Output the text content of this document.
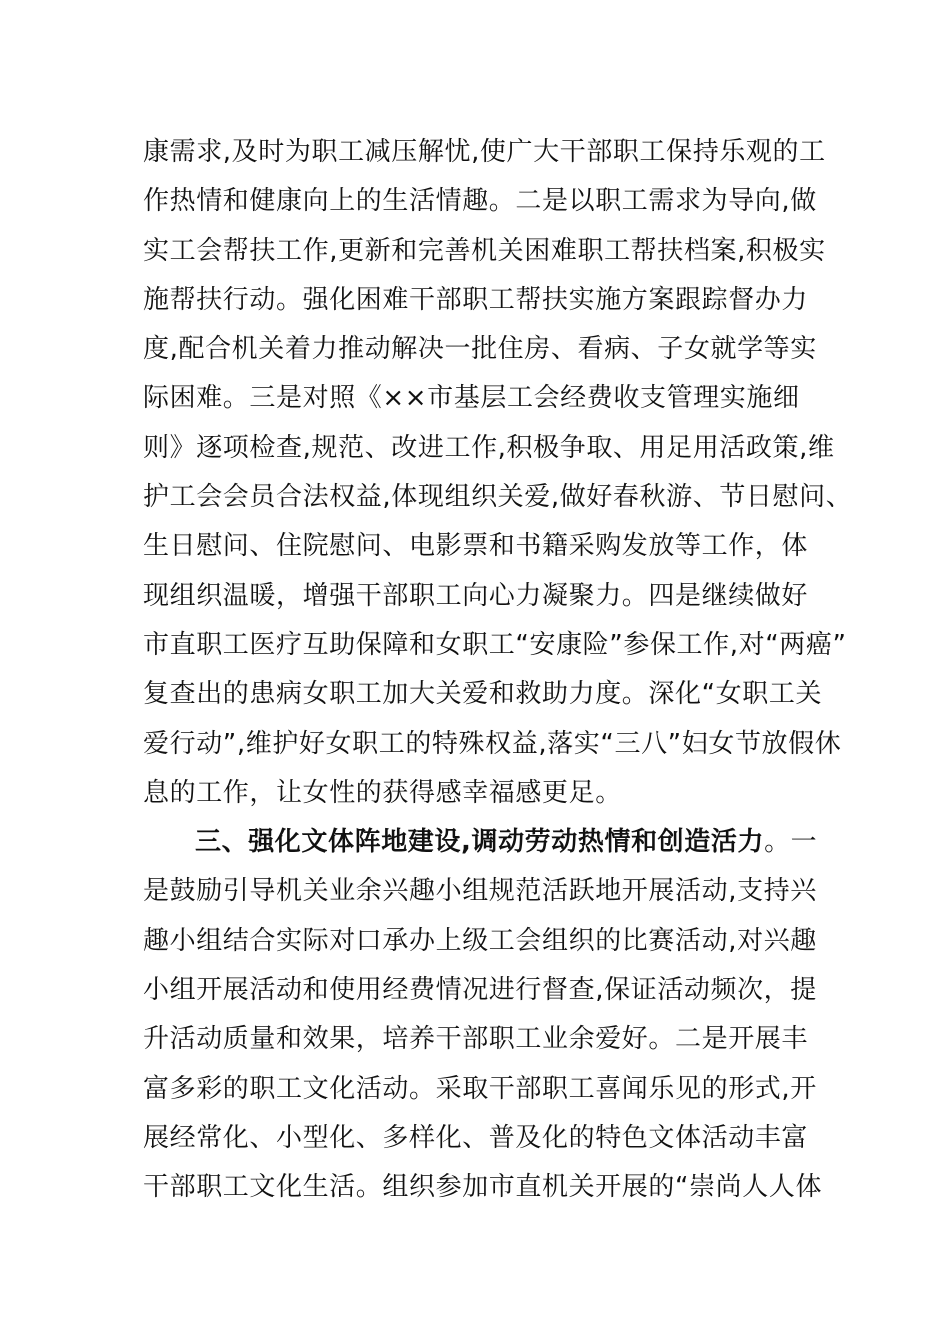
康需求,及时为职工减压解忧,使广大干部职工保持乐观的工
作热情和健康向上的生活情趣。二是以职工需求为导向,做
实工会帮扶工作,更新和完善机关困难职工帮扶档案,积极实
施帮扶行动。强化困难干部职工帮扶实施方案跟踪督办力
度,配合机关着力推动解决一批住房、看病、子女就学等实
际困难。三是对照《××市基层工会经费收支管理实施细
则》逐项检查,规范、改进工作,积极争取、用足用活政策,维
护工会会员合法权益,体现组织关爱,做好春秋游、节日慰问、
生日慰问、住院慰问、电影票和书籍采购发放等工作，体
现组织温暖，增强干部职工向心力凝聚力。四是继续做好
市直职工医疗互助保障和女职工“安康险”参保工作,对“两癌”
复查出的患病女职工加大关爱和救助力度。深化“女职工关
爱行动”,维护好女职工的特殊权益,落实“三八”妇女节放假休
息的工作，让女性的获得感幸福感更足。
三、强化文体阵地建设,调动劳动热情和创造活力。一
是鼓励引导机关业余兴趣小组规范活跃地开展活动,支持兴
趣小组结合实际对口承办上级工会组织的比赛活动,对兴趣
小组开展活动和使用经费情况进行督查,保证活动频次，提
升活动质量和效果，培养干部职工业余爱好。二是开展丰
富多彩的职工文化活动。采取干部职工喜闻乐见的形式,开
展经常化、小型化、多样化、普及化的特色文体活动丰富
干部职工文化生活。组织参加市直机关开展的“崇尚人人体
